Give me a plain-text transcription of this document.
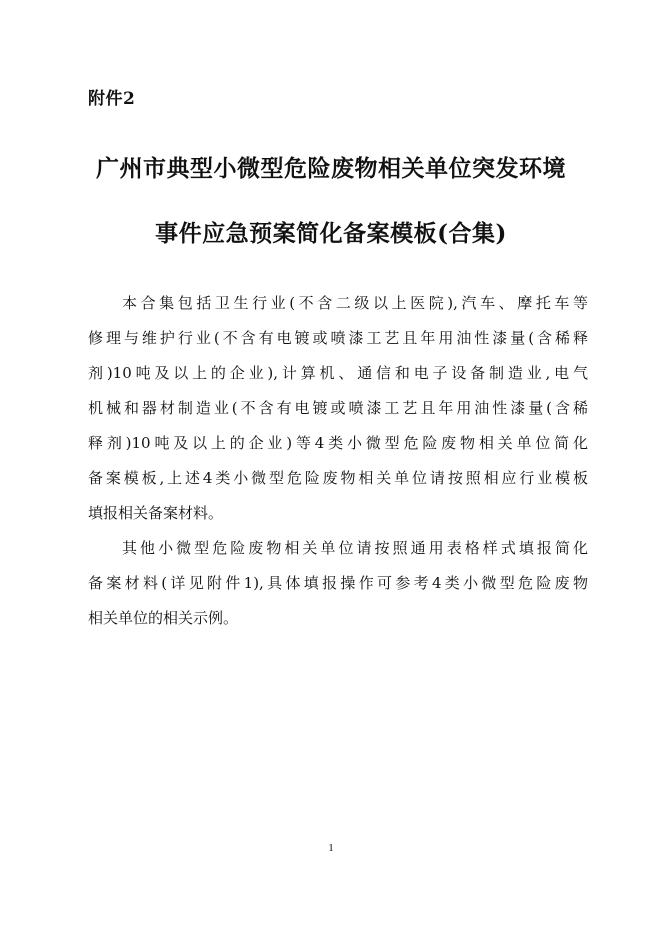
附件2
广州市典型小微型危险废物相关单位突发环境
事件应急预案简化备案模板(合集)
本合集包括卫生行业(不含二级以上医院),汽车、摩托车等
修理与维护行业(不含有电镀或喷漆工艺且年用油性漆量(含稀释
剂)10吨及以上的企业),计算机、通信和电子设备制造业,电气
机械和器材制造业(不含有电镀或喷漆工艺且年用油性漆量(含稀
释剂)10吨及以上的企业)等4类小微型危险废物相关单位简化
备案模板,上述4类小微型危险废物相关单位请按照相应行业模板
填报相关备案材料。
其他小微型危险废物相关单位请按照通用表格样式填报简化
备案材料(详见附件1),具体填报操作可参考4类小微型危险废物
相关单位的相关示例。
1
